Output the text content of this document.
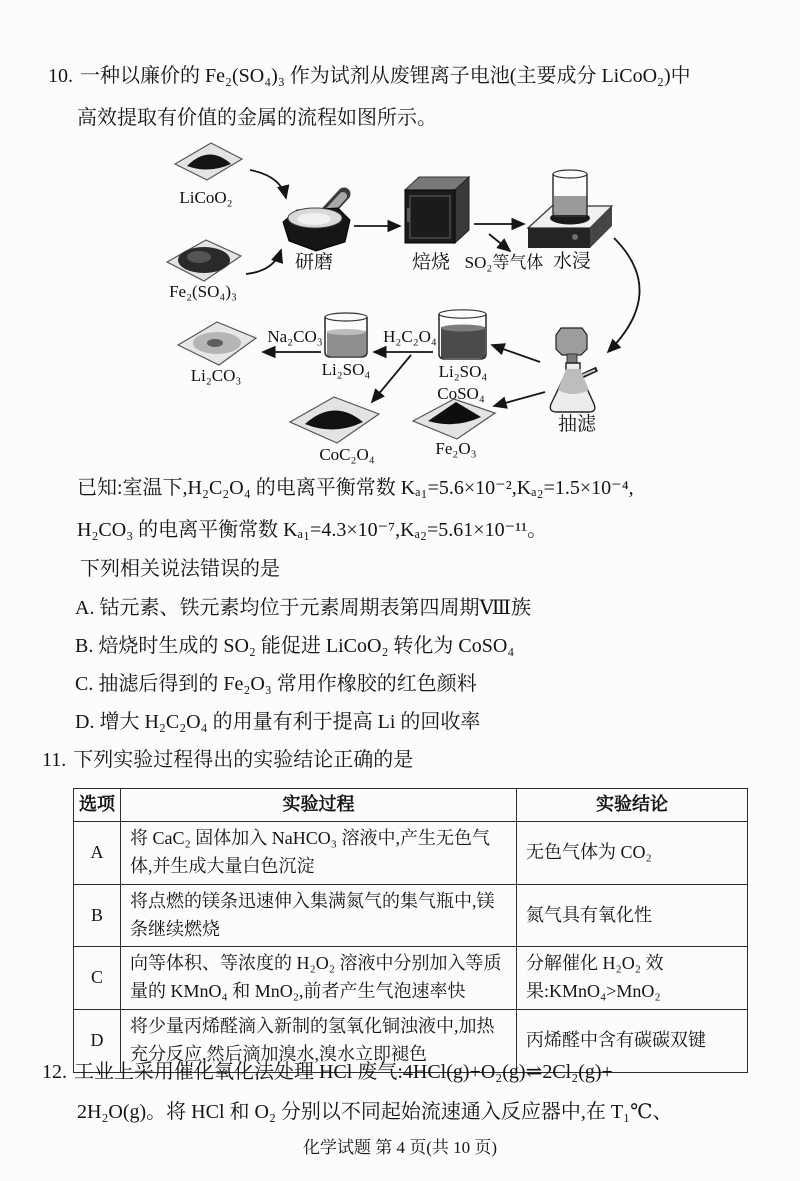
10. 一种以廉价的 Fe₂(SO₄)₃ 作为试剂从废锂离子电池(主要成分 LiCoO₂)中
高效提取有价值的金属的流程如图所示。
LiCoO₂
Fe₂(SO₄)₃
研磨	焙烧 SO₂等气体 水浸
抽滤
Na₂CO₃	H₂C₂O₄
Li₂CO₃	Li₂SO₄	Li₂SO₄
CoSO₄
CoC₂O₄	Fe₂O₃
已知:室温下,H₂C₂O₄ 的电离平衡常数 Kₐ₁=5.6×10⁻²,Kₐ₂=1.5×10⁻⁴,
H₂CO₃ 的电离平衡常数 Kₐ₁=4.3×10⁻⁷,Kₐ₂=5.61×10⁻¹¹。
下列相关说法错误的是
A. 钴元素、铁元素均位于元素周期表第四周期Ⅷ族
B. 焙烧时生成的 SO₂ 能促进 LiCoO₂ 转化为 CoSO₄
C. 抽滤后得到的 Fe₂O₃ 常用作橡胶的红色颜料
D. 增大 H₂C₂O₄ 的用量有利于提高 Li 的回收率
11. 下列实验过程得出的实验结论正确的是
选项	实验过程	实验结论
A	将 CaC₂ 固体加入 NaHCO₃ 溶液中,产生无色气体,并生成大量白色沉淀	无色气体为 CO₂
B	将点燃的镁条迅速伸入集满氮气的集气瓶中,镁条继续燃烧	氮气具有氧化性
C	向等体积、等浓度的 H₂O₂ 溶液中分别加入等质量的 KMnO₄ 和 MnO₂,前者产生气泡速率快	分解催化 H₂O₂ 效果:KMnO₄>MnO₂
D	将少量丙烯醛滴入新制的氢氧化铜浊液中,加热充分反应,然后滴加溴水,溴水立即褪色	丙烯醛中含有碳碳双键
12. 工业上采用催化氧化法处理 HCl 废气:4HCl(g)+O₂(g)⇌2Cl₂(g)+
2H₂O(g)。将 HCl 和 O₂ 分别以不同起始流速通入反应器中,在 T₁℃、
化学试题 第 4 页(共 10 页)
